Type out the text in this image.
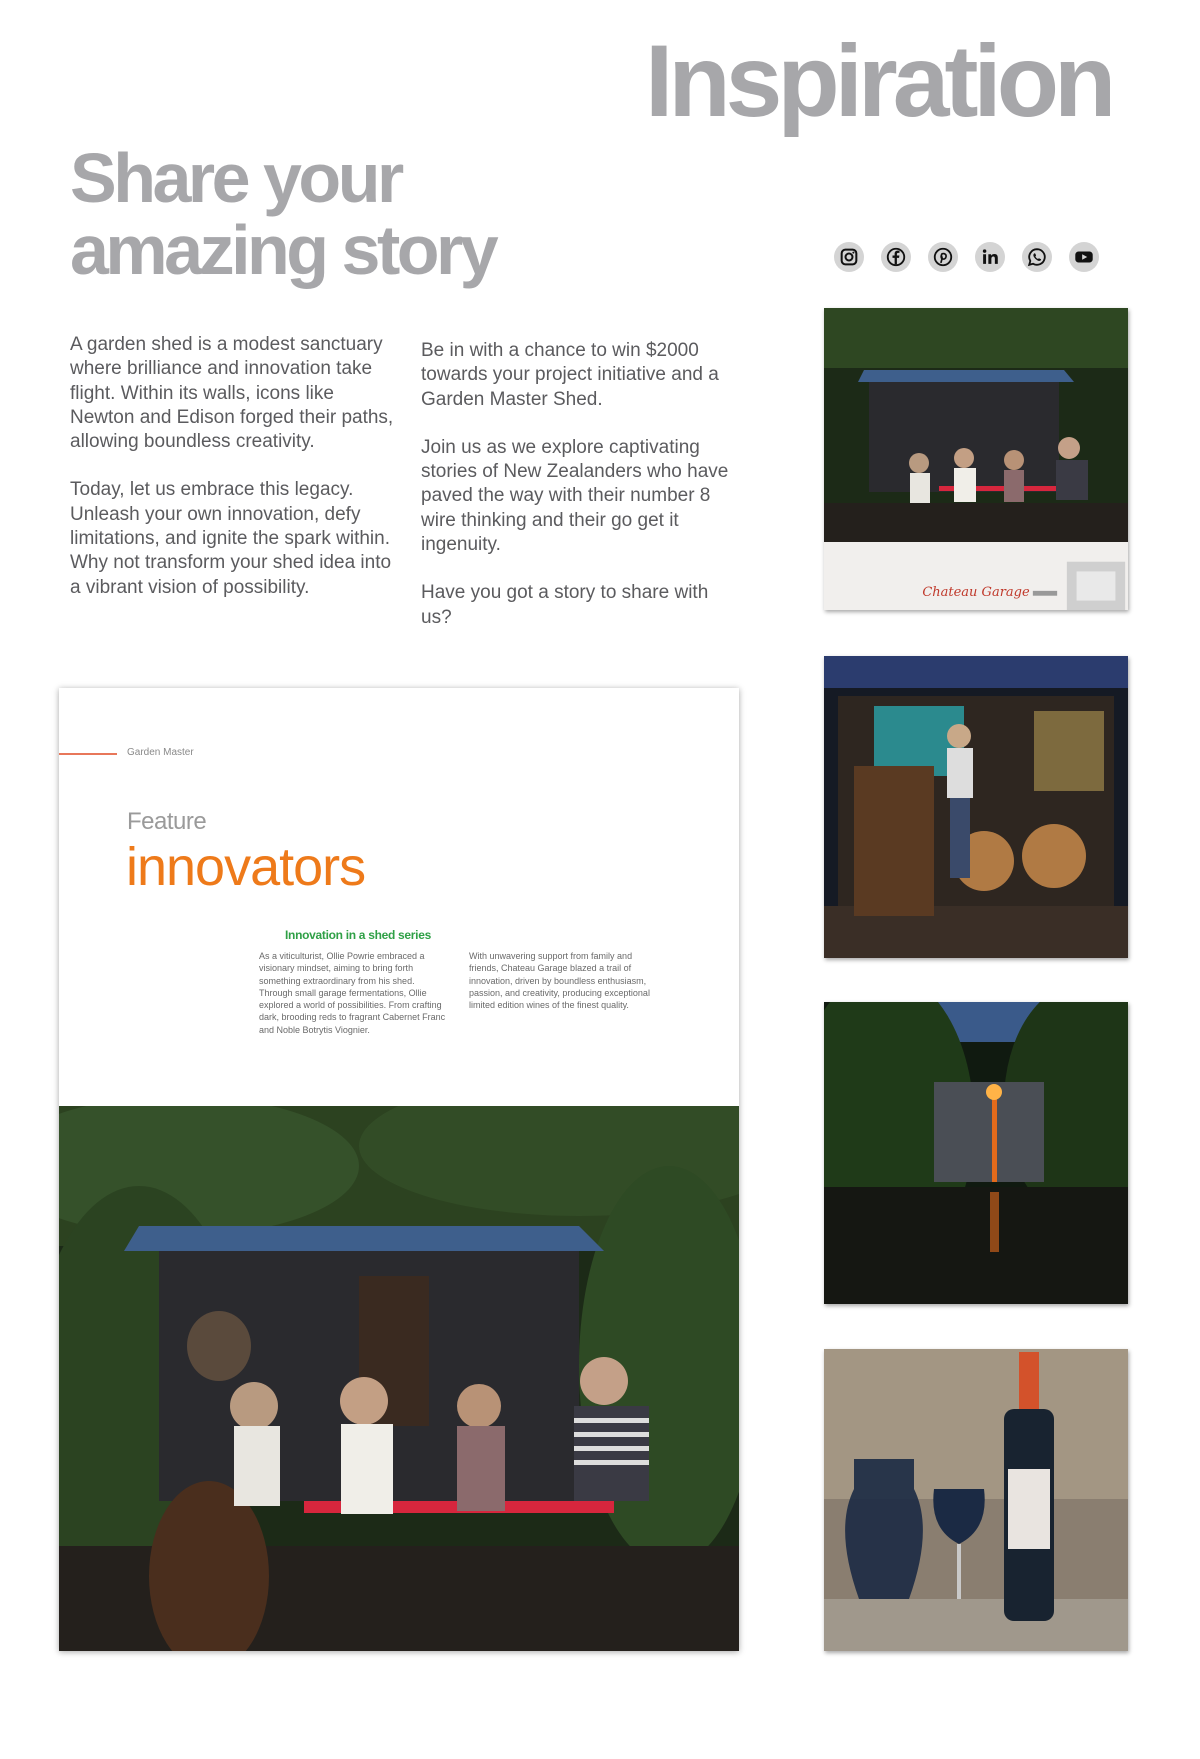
Inspiration
Share your
amazing story

A garden shed is a modest sanctuary where brilliance and innovation take flight. Within its walls, icons like Newton and Edison forged their paths, allowing boundless creativity.

Today, let us embrace this legacy. Unleash your own innovation, defy limitations, and ignite the spark within. Why not transform your shed idea into a vibrant vision of possibility.

Be in with a chance to win $2000 towards your project initiative and a Garden Master Shed.

Join us as we explore captivating stories of New Zealanders who have paved the way with their number 8 wire thinking and their go get it ingenuity.

Have you got a story to share with us?

Garden Master
Feature
innovators
Innovation in a shed series
As a viticulturist, Ollie Powrie embraced a visionary mindset, aiming to bring forth something extraordinary from his shed. Through small garage fermentations, Ollie explored a world of possibilities. From crafting dark, brooding reds to fragrant Cabernet Franc and Noble Botrytis Viognier.
With unwavering support from family and friends, Chateau Garage blazed a trail of innovation, driven by boundless enthusiasm, passion, and creativity, producing exceptional limited edition wines of the finest quality.
Chateau Garage
